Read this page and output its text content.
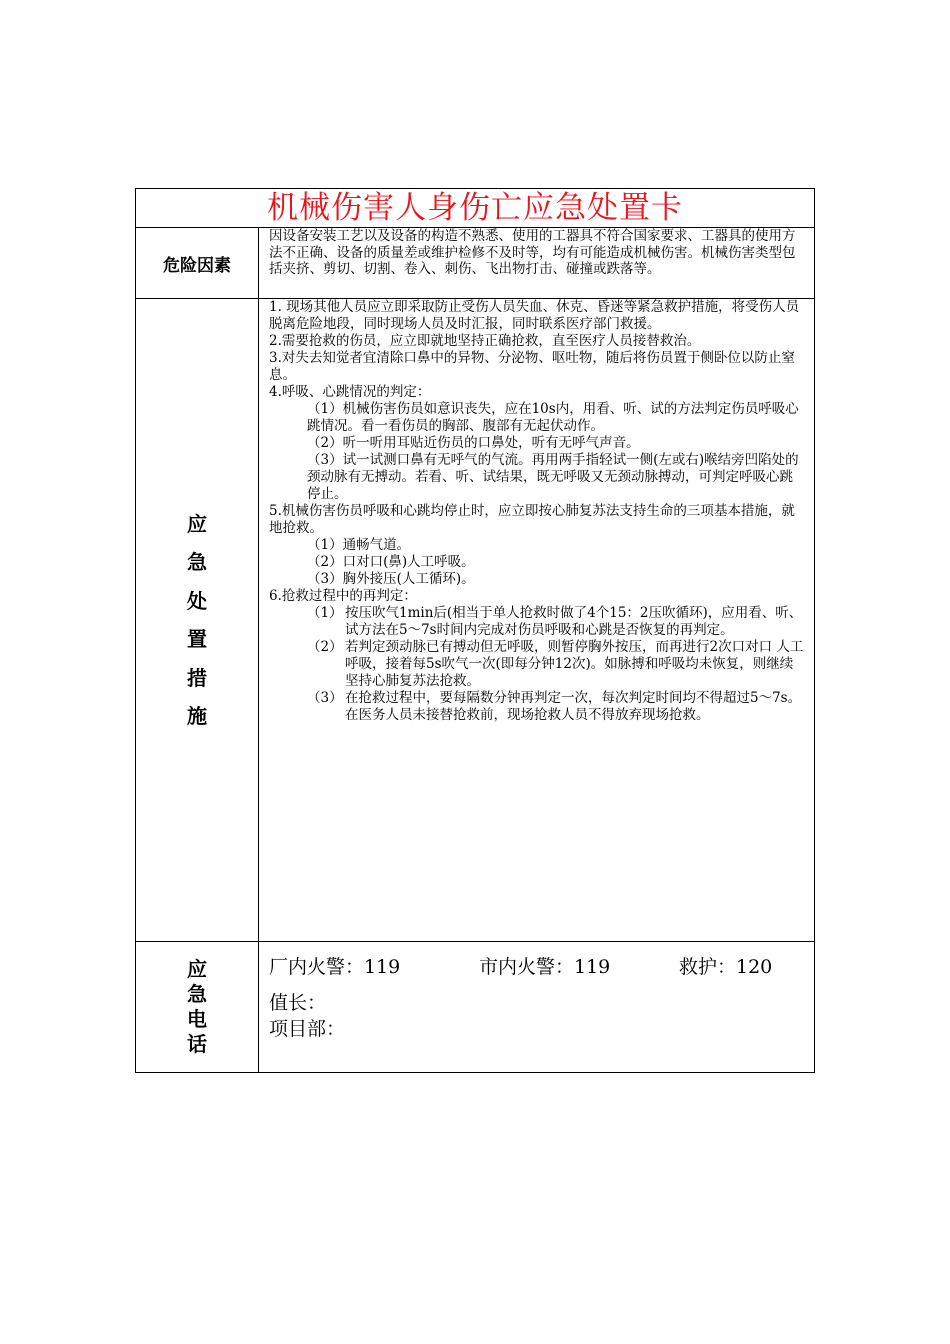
机械伤害人身伤亡应急处置卡
危险因素
因设备安装工艺以及设备的构造不熟悉、使用的工器具不符合国家要求、工器具的使用方法不正确、设备的质量差或维护检修不及时等，均有可能造成机械伤害。机械伤害类型包括夹挤、剪切、切割、卷入、刺伤、飞出物打击、碰撞或跌落等。
应
急
处
置
措
施

1. 现场其他人员应立即采取防止受伤人员失血、休克、昏迷等紧急救护措施，将受伤人员脱离危险地段，同时现场人员及时汇报，同时联系医疗部门救援。

2.需要抢救的伤员，应立即就地坚持正确抢救，直至医疗人员接替救治。

3.对失去知觉者宜清除口鼻中的异物、分泌物、呕吐物，随后将伤员置于侧卧位以防止窒息。

4.呼吸、心跳情况的判定：

（1）机械伤害伤员如意识丧失，应在10s内，用看、听、试的方法判定伤员呼吸心跳情况。看一看伤员的胸部、腹部有无起伏动作。

（2）听一听用耳贴近伤员的口鼻处，听有无呼气声音。

（3）试一试测口鼻有无呼气的气流。再用两手指轻试一侧(左或右)喉结旁凹陷处的颈动脉有无搏动。若看、听、试结果，既无呼吸又无颈动脉搏动，可判定呼吸心跳停止。

5.机械伤害伤员呼吸和心跳均停止时，应立即按心肺复苏法支持生命的三项基本措施，就地抢救。

（1）通畅气道。

（2）口对口(鼻)人工呼吸。

（3）胸外接压(人工循环)。

6.抢救过程中的再判定：

（1） 按压吹气1min后(相当于单人抢救时做了4个15：2压吹循环)，应用看、听、试方法在5～7s时间内完成对伤员呼吸和心跳是否恢复的再判定。
（2） 若判定颈动脉已有搏动但无呼吸，则暂停胸外按压，而再进行2次口对口 人工呼吸，接着每5s吹气一次(即每分钟12次)。如脉搏和呼吸均未恢复，则继续坚持心肺复苏法抢救。
（3） 在抢救过程中，要每隔数分钟再判定一次，每次判定时间均不得超过5～7s。在医务人员未接替抢救前，现场抢救人员不得放弃现场抢救。
应
急
电
话
厂内火警：119	市内火警：119	救护：120
值长：
项目部：
